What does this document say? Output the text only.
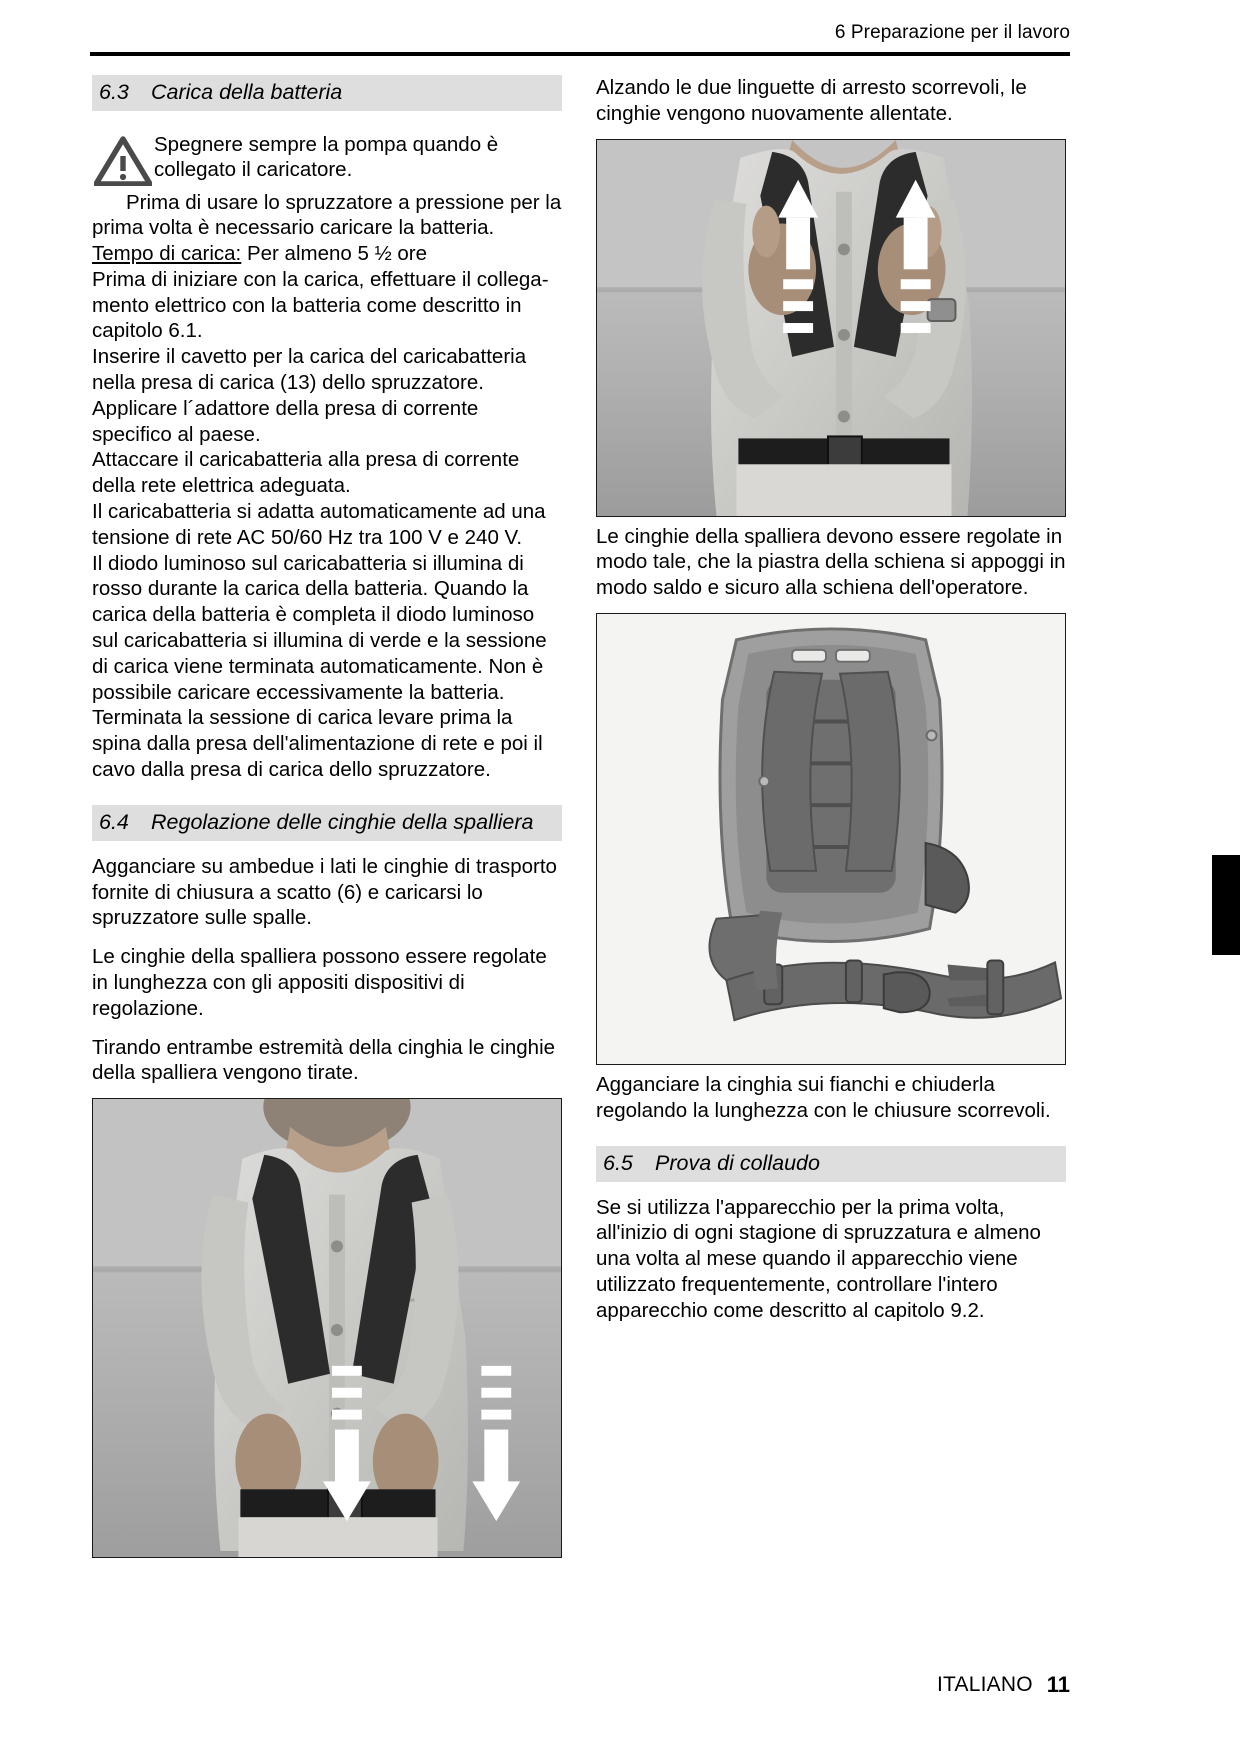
6 Preparazione per il lavoro
6.3	Carica della batteria

Spegnere sempre la pompa quando è collegato il caricatore.

Prima di usare lo spruzzatore a pressione per la prima volta è necessario caricare la batteria.

Tempo di carica: Per almeno 5 ½ ore

Prima di iniziare con la carica, effettuare il collega-mento elettrico con la batteria come descritto in capitolo 6.1.

Inserire il cavetto per la carica del caricabatteria nella presa di carica (13) dello spruzzatore.

Applicare l´adattore della presa di corrente specifico al paese.

Attaccare il caricabatteria alla presa di corrente della rete elettrica adeguata.

Il caricabatteria si adatta automaticamente ad una tensione di rete AC 50/60 Hz tra 100 V e 240 V.

Il diodo luminoso sul caricabatteria si illumina di rosso durante la carica della batteria. Quando la carica della batteria è completa il diodo luminoso sul caricabatteria si illumina di verde e la sessione di carica viene terminata automaticamente. Non è possibile caricare eccessivamente la batteria.

Terminata la sessione di carica levare prima la spina dalla presa dell'alimentazione di rete e poi il cavo dalla presa di carica dello spruzzatore.

6.4	Regolazione delle cinghie della spalliera

Agganciare su ambedue i lati le cinghie di trasporto fornite di chiusura a scatto (6) e caricarsi lo spruzzatore sulle spalle.

Le cinghie della spalliera possono essere regolate in lunghezza con gli appositi dispositivi di regolazione.

Tirando entrambe estremità della cinghia le cinghie della spalliera vengono tirate.

Alzando le due linguette di arresto scorrevoli, le cinghie vengono nuovamente allentate.

Le cinghie della spalliera devono essere regolate in modo tale, che la piastra della schiena si appoggi in modo saldo e sicuro alla schiena dell'operatore.

Agganciare la cinghia sui fianchi e chiuderla regolando la lunghezza con le chiusure scorrevoli.

6.5	Prova di collaudo

Se si utilizza l'apparecchio per la prima volta, all'inizio di ogni stagione di spruzzatura e almeno una volta al mese quando il apparecchio viene utilizzato frequentemente, controllare l'intero apparecchio come descritto al capitolo 9.2.

ITALIANO 11
